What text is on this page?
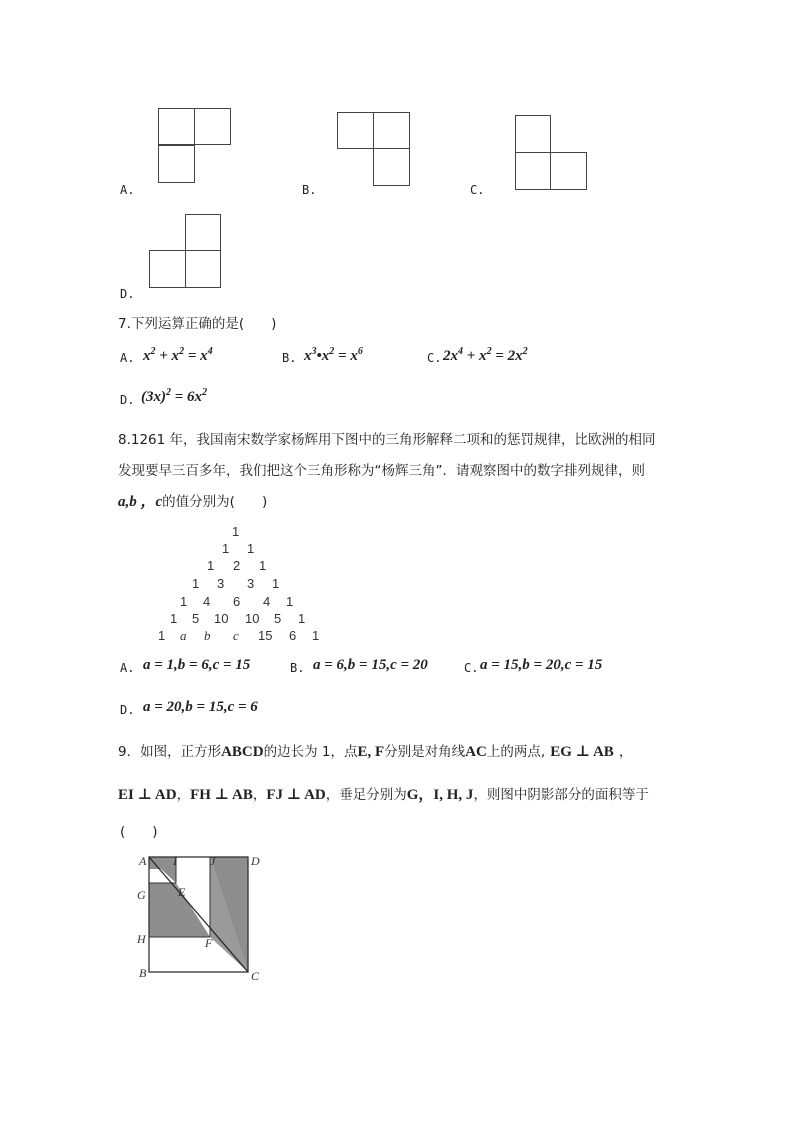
A.	B.	C.
D.
7.下列运算正确的是(　　)
A. $x^2 + x^2 = x^4$	B. $x^3•x^2 = x^6$	C. $2x^4 + x^2 = 2x^2$
D. $(3x)^2 = 6x^2$
8.1261 年，我国南宋数学家杨辉用下图中的三角形解释二项和的惩罚规律，比欧洲的相同
发现要早三百多年，我们把这个三角形称为“杨辉三角”．请观察图中的数字排列规律，则
a,b ，c的值分别为(　　)
1
1 1
1 2 1
1 3 3 1
1 4 6 4 1
1 5 10 10 5 1
1 a b c 15 6 1
A. a = 1,b = 6,c = 15	B. a = 6,b = 15,c = 20	C. a = 15,b = 20,c = 15
D. a = 20,b = 15,c = 6
9．如图，正方形ABCD的边长为 1，点E, F分别是对角线AC上的两点, EG ⊥ AB ，
EI ⊥ AD，FH ⊥ AB，FJ ⊥ AD，垂足分别为G，I, H, J，则图中阴影部分的面积等于
(　　)
A I	J	D
G	E
H	F
B	C
